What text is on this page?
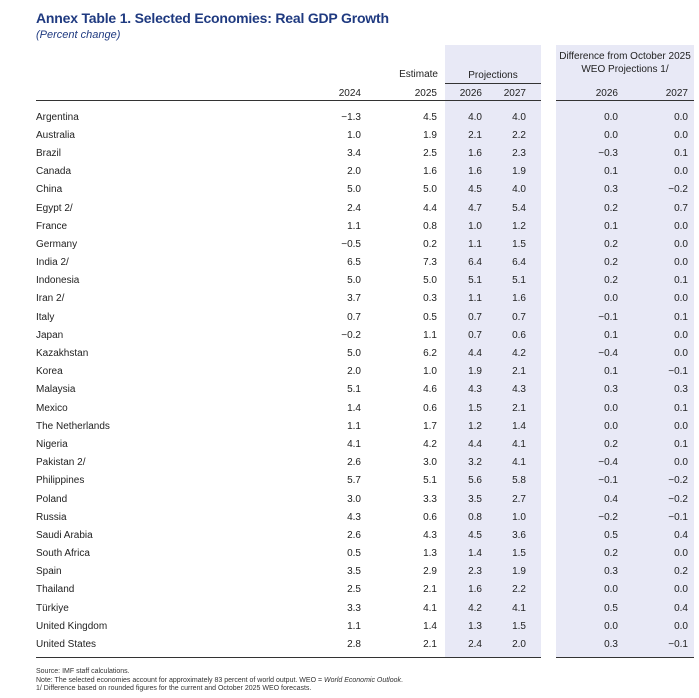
Annex Table 1. Selected Economies: Real GDP Growth
(Percent change)
Estimate	Projections
Difference from October 2025
WEO Projections 1/
2024	2025	2026	2027	2026	2027
Argentina	−1.3	4.5	4.0	4.0	0.0	0.0
Australia	1.0	1.9	2.1	2.2	0.0	0.0
Brazil	3.4	2.5	1.6	2.3	−0.3	0.1
Canada	2.0	1.6	1.6	1.9	0.1	0.0
China	5.0	5.0	4.5	4.0	0.3	−0.2
Egypt 2/	2.4	4.4	4.7	5.4	0.2	0.7
France	1.1	0.8	1.0	1.2	0.1	0.0
Germany	−0.5	0.2	1.1	1.5	0.2	0.0
India 2/	6.5	7.3	6.4	6.4	0.2	0.0
Indonesia	5.0	5.0	5.1	5.1	0.2	0.1
Iran 2/	3.7	0.3	1.1	1.6	0.0	0.0
Italy	0.7	0.5	0.7	0.7	−0.1	0.1
Japan	−0.2	1.1	0.7	0.6	0.1	0.0
Kazakhstan	5.0	6.2	4.4	4.2	−0.4	0.0
Korea	2.0	1.0	1.9	2.1	0.1	−0.1
Malaysia	5.1	4.6	4.3	4.3	0.3	0.3
Mexico	1.4	0.6	1.5	2.1	0.0	0.1
The Netherlands	1.1	1.7	1.2	1.4	0.0	0.0
Nigeria	4.1	4.2	4.4	4.1	0.2	0.1
Pakistan 2/	2.6	3.0	3.2	4.1	−0.4	0.0
Philippines	5.7	5.1	5.6	5.8	−0.1	−0.2
Poland	3.0	3.3	3.5	2.7	0.4	−0.2
Russia	4.3	0.6	0.8	1.0	−0.2	−0.1
Saudi Arabia	2.6	4.3	4.5	3.6	0.5	0.4
South Africa	0.5	1.3	1.4	1.5	0.2	0.0
Spain	3.5	2.9	2.3	1.9	0.3	0.2
Thailand	2.5	2.1	1.6	2.2	0.0	0.0
Türkiye	3.3	4.1	4.2	4.1	0.5	0.4
United Kingdom	1.1	1.4	1.3	1.5	0.0	0.0
United States	2.8	2.1	2.4	2.0	0.3	−0.1
Source: IMF staff calculations.
Note: The selected economies account for approximately 83 percent of world output. WEO = World Economic Outlook.
1/ Difference based on rounded figures for the current and October 2025 WEO forecasts.
